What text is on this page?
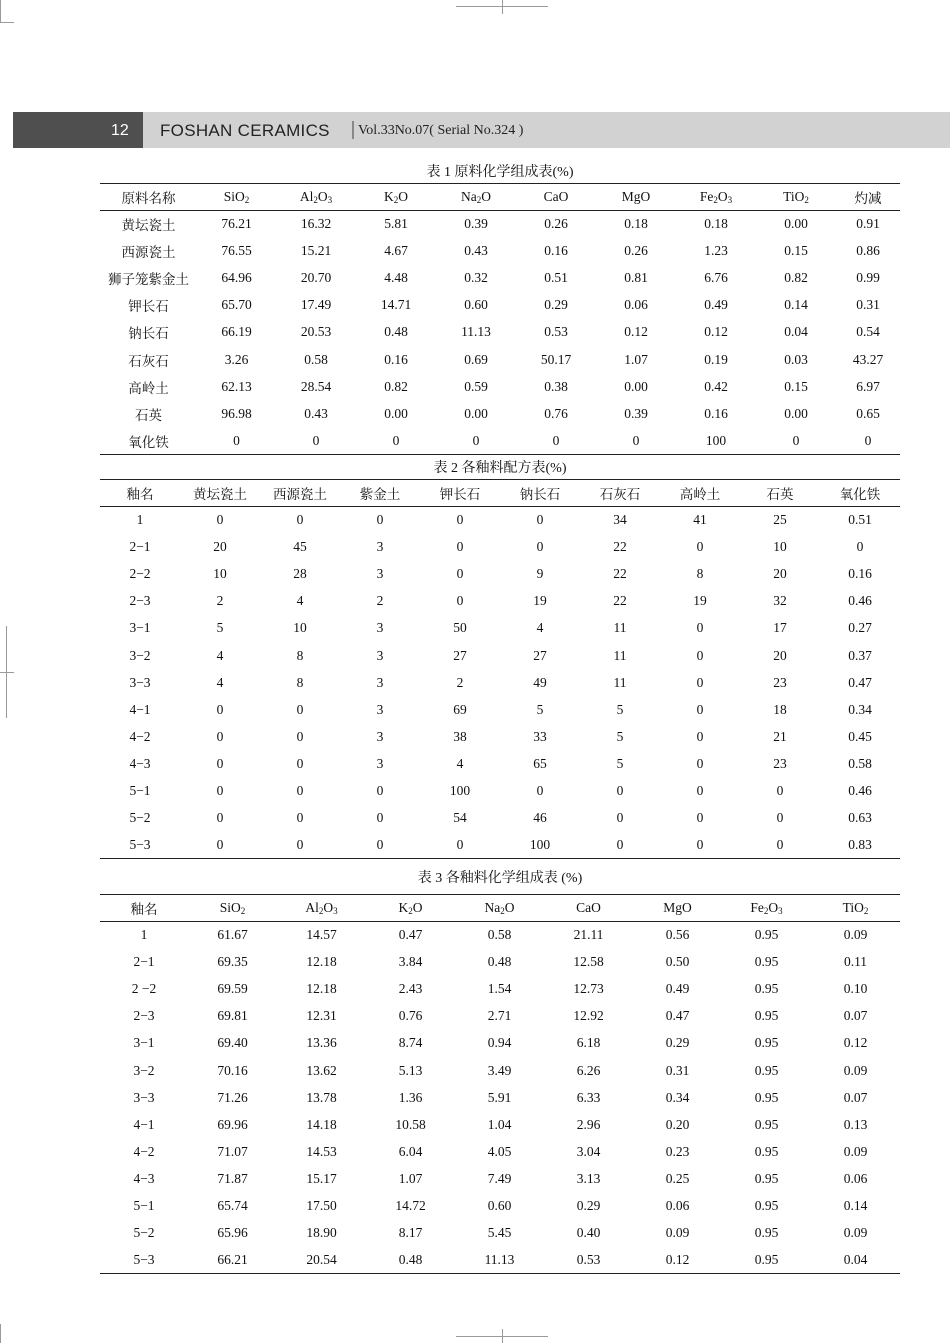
12	FOSHAN CERAMICS Vol.33No.07( Serial No.324 )
表 1 原料化学组成表(%)
原料名称	SiO$_2$	$Al_2O_3$	$K_2O$	$Na_2O$	CaO	MgO	$Fe_2O_3$	TiO$_2$	灼减
黄坛瓷土	76.21	16.32	5.81	0.39	0.26	0.18	0.18	0.00	0.91
西源瓷土	76.55	15.21	4.67	0.43	0.16	0.26	1.23	0.15	0.86
狮子笼紫金土	64.96	20.70	4.48	0.32	0.51	0.81	6.76	0.82	0.99
钾长石	65.70	17.49	14.71	0.60	0.29	0.06	0.49	0.14	0.31
钠长石	66.19	20.53	0.48	11.13	0.53	0.12	0.12	0.04	0.54
石灰石	3.26	0.58	0.16	0.69	50.17	1.07	0.19	0.03	43.27
高岭土	62.13	28.54	0.82	0.59	0.38	0.00	0.42	0.15	6.97
石英	96.98	0.43	0.00	0.00	0.76	0.39	0.16	0.00	0.65
氧化铁	0	0	0	0	0	0	100	0	0
表 2 各釉料配方表(%)
釉名	黄坛瓷土	西源瓷土	紫金土	钾长石	钠长石	石灰石	高岭土	石英	氧化铁
1	0	0	0	0	0	34	41	25	0.51
2−1	20	45	3	0	0	22	0	10	0
2−2	10	28	3	0	9	22	8	20	0.16
2−3	2	4	2	0	19	22	19	32	0.46
3−1	5	10	3	50	4	11	0	17	0.27
3−2	4	8	3	27	27	11	0	20	0.37
3−3	4	8	3	2	49	11	0	23	0.47
4−1	0	0	3	69	5	5	0	18	0.34
4−2	0	0	3	38	33	5	0	21	0.45
4−3	0	0	3	4	65	5	0	23	0.58
5−1	0	0	0	100	0	0	0	0	0.46
5−2	0	0	0	54	46	0	0	0	0.63
5−3	0	0	0	0	100	0	0	0	0.83
表 3 各釉料化学组成表 (%)
釉名	SiO$_2$	$Al_2O_3$	$K_2O$	$Na_2O$	CaO	MgO	$Fe_2O_3$	TiO$_2$
1	61.67	14.57	0.47	0.58	21.11	0.56	0.95	0.09
2−1	69.35	12.18	3.84	0.48	12.58	0.50	0.95	0.11
2 −2	69.59	12.18	2.43	1.54	12.73	0.49	0.95	0.10
2−3	69.81	12.31	0.76	2.71	12.92	0.47	0.95	0.07
3−1	69.40	13.36	8.74	0.94	6.18	0.29	0.95	0.12
3−2	70.16	13.62	5.13	3.49	6.26	0.31	0.95	0.09
3−3	71.26	13.78	1.36	5.91	6.33	0.34	0.95	0.07
4−1	69.96	14.18	10.58	1.04	2.96	0.20	0.95	0.13
4−2	71.07	14.53	6.04	4.05	3.04	0.23	0.95	0.09
4−3	71.87	15.17	1.07	7.49	3.13	0.25	0.95	0.06
5−1	65.74	17.50	14.72	0.60	0.29	0.06	0.95	0.14
5−2	65.96	18.90	8.17	5.45	0.40	0.09	0.95	0.09
5−3	66.21	20.54	0.48	11.13	0.53	0.12	0.95	0.04
